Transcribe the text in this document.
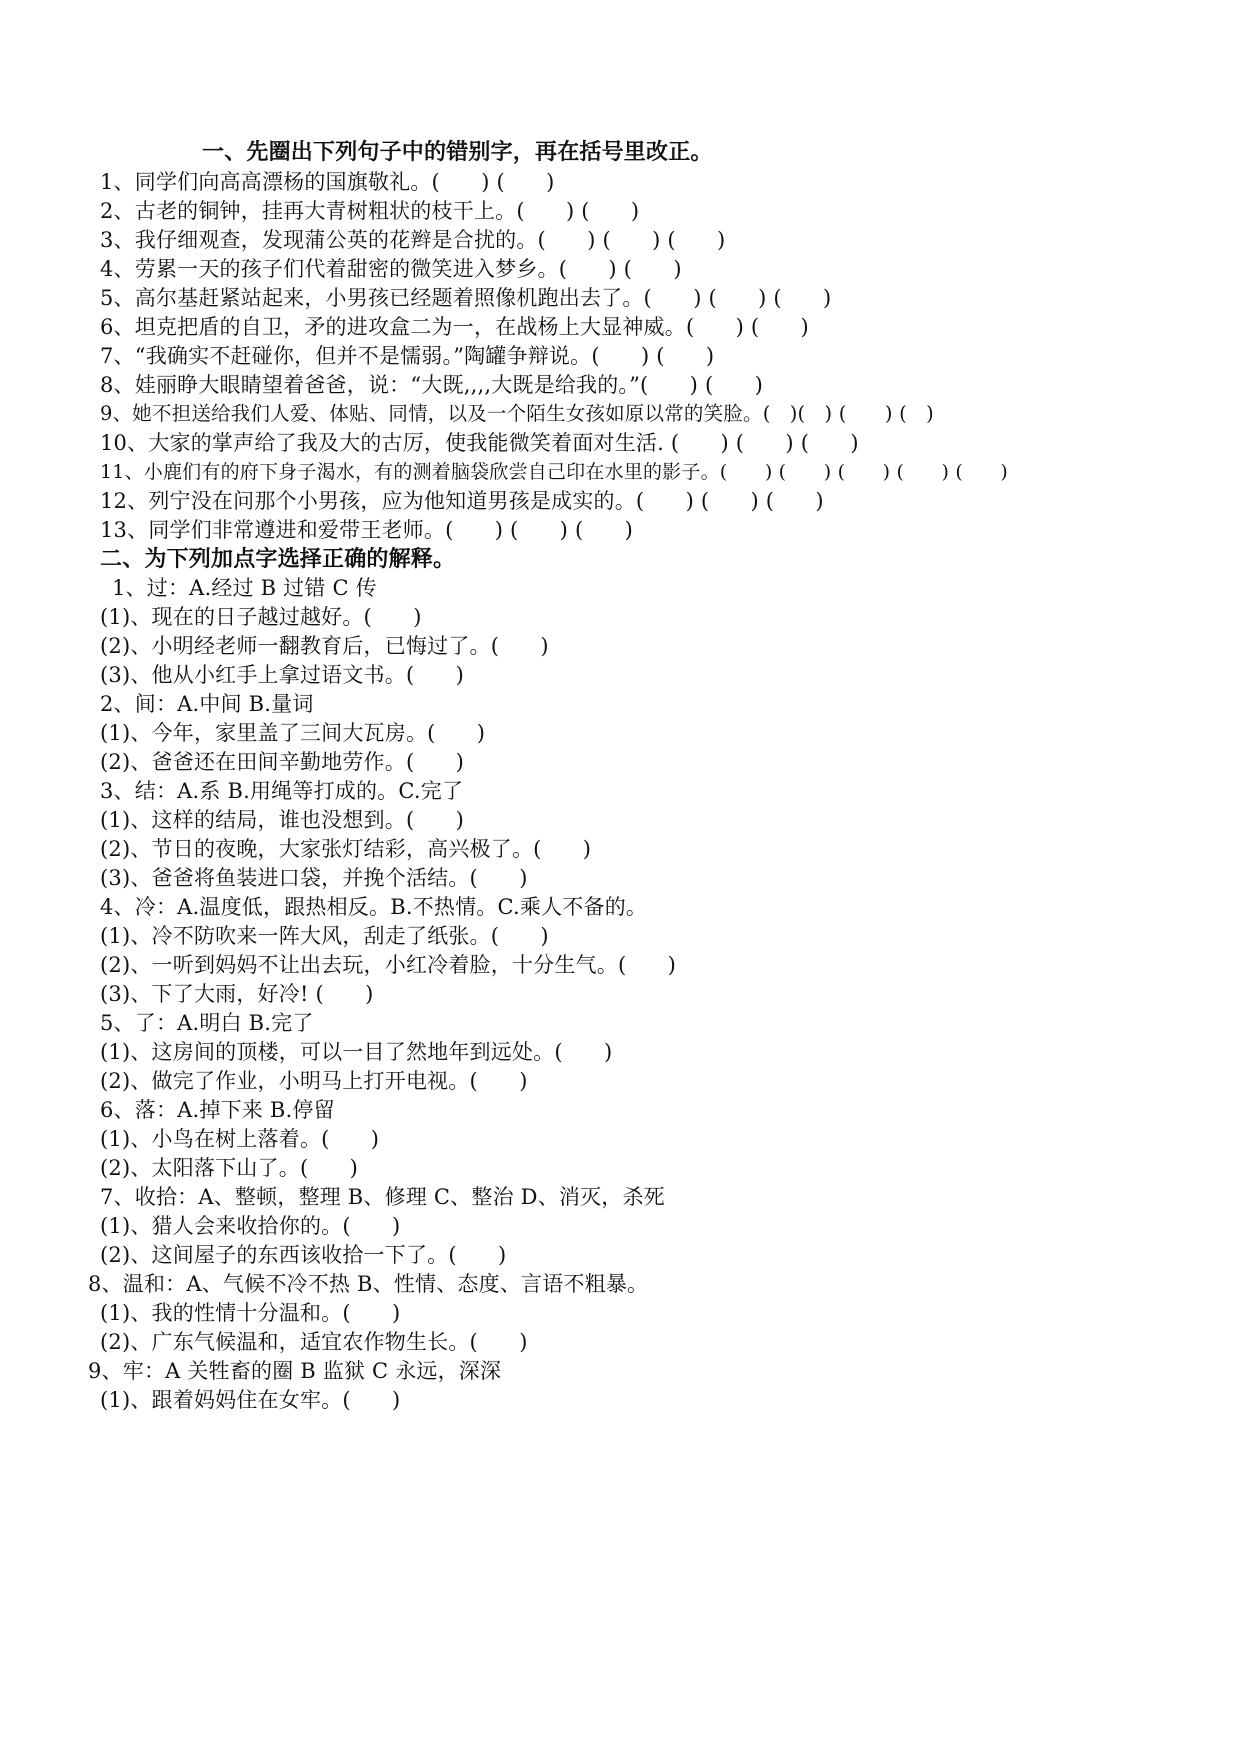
一、先圈出下列句子中的错别字，再在括号里改正。
1、同学们向高高漂杨的国旗敬礼。(      ) (      )
2、古老的铜钟，挂再大青树粗状的枝干上。(      ) (      )
3、我仔细观查，发现蒲公英的花辫是合扰的。(      ) (      ) (      )
4、劳累一天的孩子们代着甜密的微笑进入梦乡。(      ) (      )
5、高尔基赶紧站起来，小男孩已经题着照像机跑出去了。(      ) (      ) (      )
6、坦克把盾的自卫，矛的进攻盒二为一，在战杨上大显神威。(      ) (      )
7、“我确实不赶碰你，但并不是懦弱。”陶罐争辩说。(      ) (      )
8、娃丽睁大眼睛望着爸爸，说：“大既,,,,大既是给我的。”(      ) (      )
9、她不担送给我们人爱、体贴、同情，以及一个陌生女孩如原以常的笑脸。(   )(   ) (      ) (   )
10、大家的掌声给了我及大的古厉，使我能微笑着面对生活. (      ) (      ) (      )
11、小鹿们有的府下身子渴水，有的测着脑袋欣尝自己印在水里的影子。(      ) (      ) (      ) (      ) (      )
12、列宁没在问那个小男孩，应为他知道男孩是成实的。(      ) (      ) (      )
13、同学们非常遵进和爱带王老师。(      ) (      ) (      )
二、为下列加点字选择正确的解释。
1、过：A.经过 B 过错 C 传
(1)、现在的日子越过越好。(      )
(2)、小明经老师一翻教育后，已悔过了。(      )
(3)、他从小红手上拿过语文书。(      )
2、间：A.中间 B.量词
(1)、今年，家里盖了三间大瓦房。(      )
(2)、爸爸还在田间辛勤地劳作。(      )
3、结：A.系 B.用绳等打成的。C.完了
(1)、这样的结局，谁也没想到。(      )
(2)、节日的夜晚，大家张灯结彩，高兴极了。(      )
(3)、爸爸将鱼装进口袋，并挽个活结。(      )
4、冷：A.温度低，跟热相反。B.不热情。C.乘人不备的。
(1)、冷不防吹来一阵大风，刮走了纸张。(      )
(2)、一听到妈妈不让出去玩，小红冷着脸，十分生气。(      )
(3)、下了大雨，好冷! (      )
5、了：A.明白 B.完了
(1)、这房间的顶楼，可以一目了然地年到远处。(      )
(2)、做完了作业，小明马上打开电视。(      )
6、落：A.掉下来 B.停留
(1)、小鸟在树上落着。(      )
(2)、太阳落下山了。(      )
7、收拾：A、整顿，整理 B、修理 C、整治 D、消灭，杀死
(1)、猎人会来收拾你的。(      )
(2)、这间屋子的东西该收拾一下了。(      )
8、温和：A、气候不冷不热 B、性情、态度、言语不粗暴。
(1)、我的性情十分温和。(      )
(2)、广东气候温和，适宜农作物生长。(      )
9、牢：A 关牲畜的圈 B 监狱 C 永远，深深
(1)、跟着妈妈住在女牢。(      )
